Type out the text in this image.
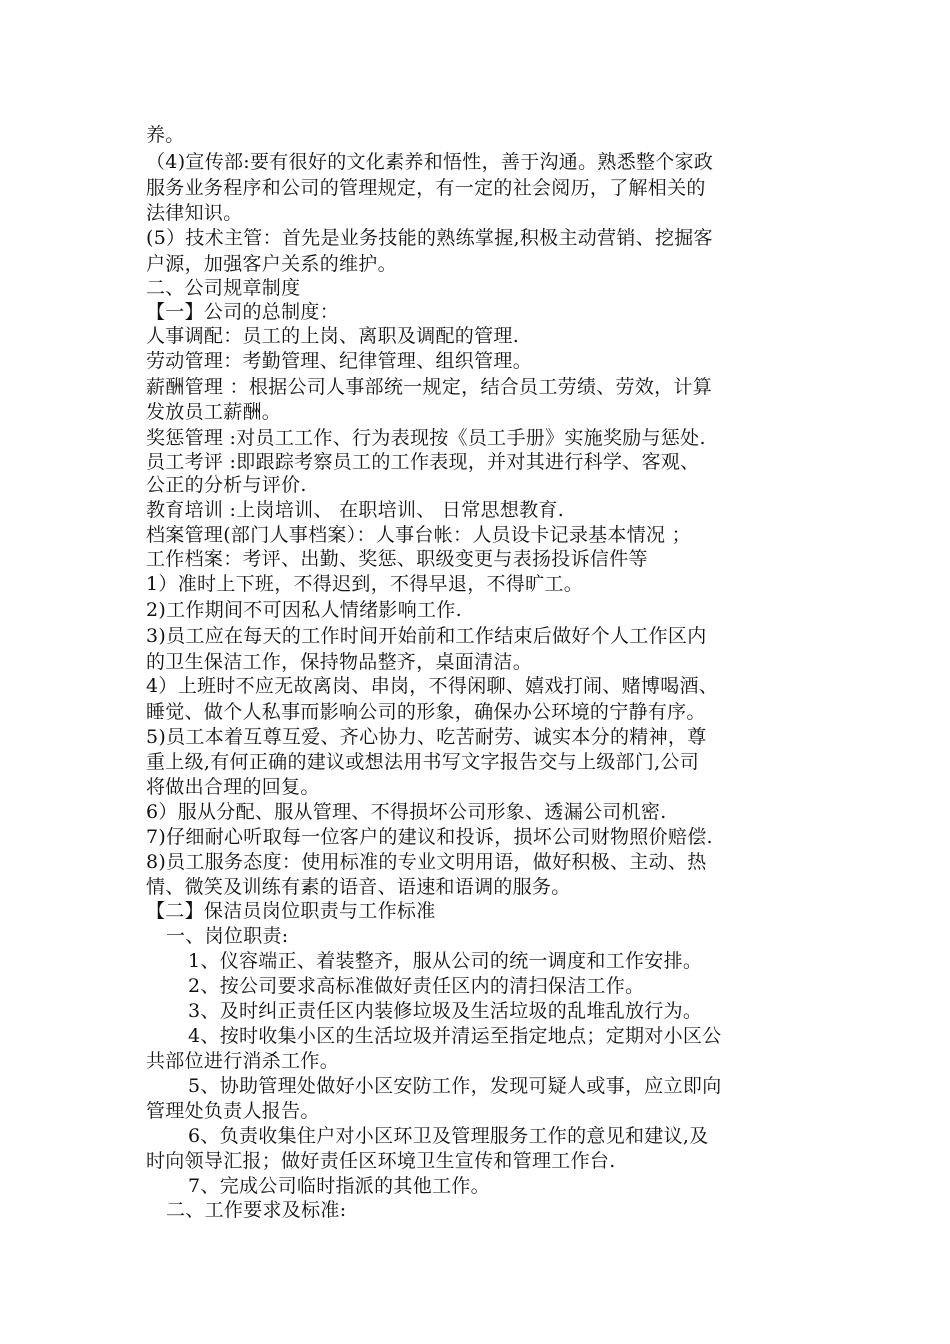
养。
（4)宣传部:要有很好的文化素养和悟性，善于沟通。熟悉整个家政
服务业务程序和公司的管理规定，有一定的社会阅历，了解相关的
法律知识。
(5）技术主管：首先是业务技能的熟练掌握,积极主动营销、挖掘客
户源，加强客户关系的维护。
二、公司规章制度
【一】公司的总制度：
人事调配：员工的上岗、离职及调配的管理.
劳动管理：考勤管理、纪律管理、组织管理。
薪酬管理 ：根据公司人事部统一规定，结合员工劳绩、劳效，计算
发放员工薪酬。
奖惩管理 :对员工工作、行为表现按《员工手册》实施奖励与惩处.
员工考评 :即跟踪考察员工的工作表现，并对其进行科学、客观、
公正的分析与评价.
教育培训 :上岗培训、 在职培训、 日常思想教育.
档案管理(部门人事档案）：人事台帐：人员设卡记录基本情况 ；
工作档案：考评、出勤、奖惩、职级变更与表扬投诉信件等
1）准时上下班，不得迟到，不得早退，不得旷工。
2)工作期间不可因私人情绪影响工作.
3)员工应在每天的工作时间开始前和工作结束后做好个人工作区内
的卫生保洁工作，保持物品整齐，桌面清洁。
4）上班时不应无故离岗、串岗，不得闲聊、嬉戏打闹、赌博喝酒、
睡觉、做个人私事而影响公司的形象，确保办公环境的宁静有序。
5)员工本着互尊互爱、齐心协力、吃苦耐劳、诚实本分的精神，尊
重上级,有何正确的建议或想法用书写文字报告交与上级部门,公司
将做出合理的回复。
6）服从分配、服从管理、不得损坏公司形象、透漏公司机密.
7)仔细耐心听取每一位客户的建议和投诉，损坏公司财物照价赔偿.
8)员工服务态度：使用标准的专业文明用语，做好积极、主动、热
情、微笑及训练有素的语音、语速和语调的服务。
【二】保洁员岗位职责与工作标准
一、岗位职责:
1、仪容端正、着装整齐，服从公司的统一调度和工作安排。
2、按公司要求高标准做好责任区内的清扫保洁工作。
3、及时纠正责任区内装修垃圾及生活垃圾的乱堆乱放行为。
4、按时收集小区的生活垃圾并清运至指定地点；定期对小区公
共部位进行消杀工作。
5、协助管理处做好小区安防工作，发现可疑人或事，应立即向
管理处负责人报告。
6、负责收集住户对小区环卫及管理服务工作的意见和建议,及
时向领导汇报；做好责任区环境卫生宣传和管理工作台.
7、完成公司临时指派的其他工作。
二、工作要求及标准:
